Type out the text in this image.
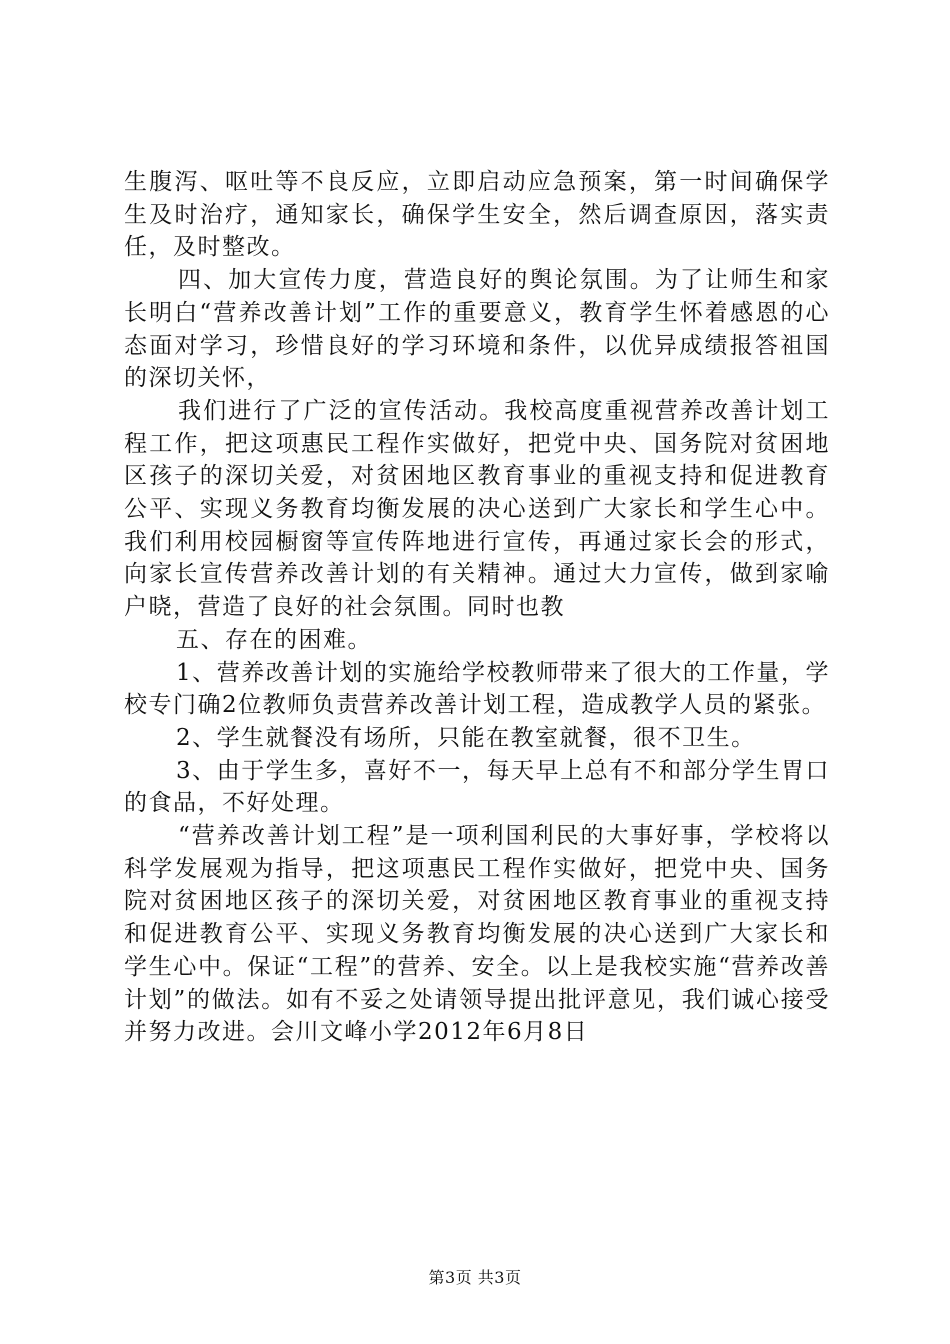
生腹泻、呕吐等不良反应，立即启动应急预案，第一时间确保学生及时治疗，通知家长，确保学生安全，然后调查原因，落实责任，及时整改。

四、加大宣传力度，营造良好的舆论氛围。为了让师生和家长明白“营养改善计划”工作的重要意义，教育学生怀着感恩的心态面对学习，珍惜良好的学习环境和条件，以优异成绩报答祖国的深切关怀，

我们进行了广泛的宣传活动。我校高度重视营养改善计划工程工作，把这项惠民工程作实做好，把党中央、国务院对贫困地区孩子的深切关爱，对贫困地区教育事业的重视支持和促进教育公平、实现义务教育均衡发展的决心送到广大家长和学生心中。我们利用校园橱窗等宣传阵地进行宣传，再通过家长会的形式，向家长宣传营养改善计划的有关精神。通过大力宣传，做到家喻户晓，营造了良好的社会氛围。同时也教

五、存在的困难。

1、营养改善计划的实施给学校教师带来了很大的工作量，学校专门确2位教师负责营养改善计划工程，造成教学人员的紧张。

2、学生就餐没有场所，只能在教室就餐，很不卫生。

3、由于学生多，喜好不一，每天早上总有不和部分学生胃口的食品，不好处理。

“营养改善计划工程”是一项利国利民的大事好事，学校将以科学发展观为指导，把这项惠民工程作实做好，把党中央、国务院对贫困地区孩子的深切关爱，对贫困地区教育事业的重视支持和促进教育公平、实现义务教育均衡发展的决心送到广大家长和学生心中。保证“工程”的营养、安全。以上是我校实施“营养改善计划”的做法。如有不妥之处请领导提出批评意见，我们诚心接受并努力改进。会川文峰小学2012年6月8日

第3页 共3页
